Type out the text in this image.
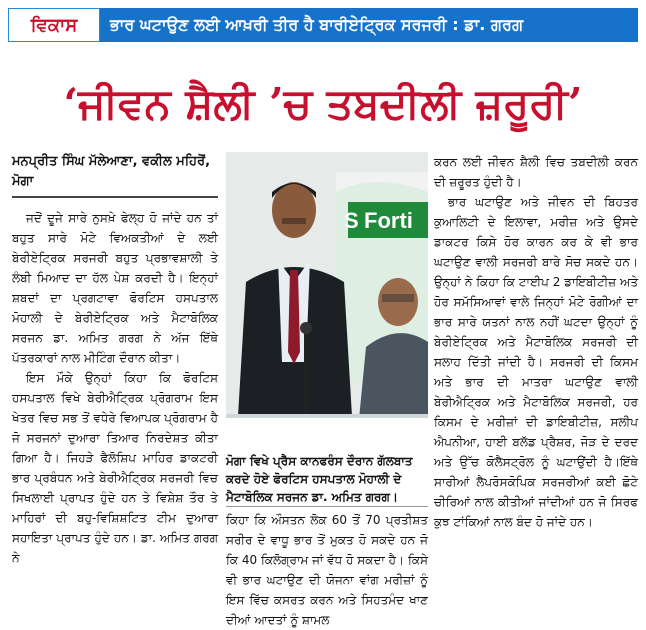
ਵਿਕਾਸ	ਭਾਰ ਘਟਾਉਣ ਲਈ ਆਖ਼ਰੀ ਤੀਰ ਹੈ ਬਾਰੀਏਟ੍ਰਿਕ ਸਰਜਰੀ : ਡਾ. ਗਰਗ
‘ਜੀਵਨ ਸ਼ੈਲੀ ’ਚ ਤਬਦੀਲੀ ਜ਼ਰੂਰੀ’
ਮਨਪ੍ਰੀਤ ਸਿੰਘ ਮੱਲੇਆਣਾ, ਵਕੀਲ ਮਹਿਰੋਂ, ਮੋਗਾ

ਜਦੋਂ ਦੂਜੇ ਸਾਰੇ ਨੁਸਖ਼ੇ ਫੇਲ੍ਹ ਹੋ ਜਾਂਦੇ ਹਨ ਤਾਂ ਬਹੁਤ ਸਾਰੇ ਮੋਟੇ ਵਿਅਕਤੀਆਂ ਦੇ ਲਈ ਬੇਰੀਏਟ੍ਰਿਕ ਸਰਜਰੀ ਬਹੁਤ ਪ੍ਰਭਾਵਸ਼ਾਲੀ ਤੇ ਲੰਬੀ ਮਿਆਦ ਦਾ ਹੱਲ ਪੇਸ਼ ਕਰਦੀ ਹੈ। ਇਨ੍ਹਾਂ ਸ਼ਬਦਾਂ ਦਾ ਪ੍ਰਗਟਾਵਾ ਫੋਰਟਿਸ ਹਸਪਤਾਲ ਮੋਹਾਲੀ ਦੇ ਬੇਰੀਏਟ੍ਰਿਕ ਅਤੇ ਮੈਟਾਬੋਲਿਕ ਸਰਜਨ ਡਾ. ਅਮਿਤ ਗਰਗ ਨੇ ਅੱਜ ਇੱਥੇ ਪੱਤਰਕਾਰਾਂ ਨਾਲ ਮੀਟਿੰਗ ਦੌਰਾਨ ਕੀਤਾ।

ਇਸ ਮੌਕੇ ਉਨ੍ਹਾਂ ਕਿਹਾ ਕਿ ਫੋਰਟਿਸ ਹਸਪਤਾਲ ਵਿਖੇ ਬੇਰੀਐਟ੍ਰਿਕ ਪ੍ਰੋਗਰਾਮ ਇਸ ਖੇਤਰ ਵਿਚ ਸਭ ਤੋਂ ਵਧੇਰੇ ਵਿਆਪਕ ਪ੍ਰੋਗਰਾਮ ਹੈ ਜੋ ਸਰਜਨਾਂ ਦੁਆਰਾ ਤਿਆਰ ਨਿਰਦੇਸ਼ਤ ਕੀਤਾ ਗਿਆ ਹੈ। ਜਿਹੜੇ ਫੈਲੋਸ਼ਿਪ ਮਾਹਿਰ ਡਾਕਟਰੀ ਭਾਰ ਪ੍ਰਬੰਧਨ ਅਤੇ ਬੇਰੀਐਟ੍ਰਿਕ ਸਰਜਰੀ ਵਿਚ ਸਿਖਲਾਈ ਪ੍ਰਾਪਤ ਹੁੰਦੇ ਹਨ ਤੇ ਵਿਸ਼ੇਸ਼ ਤੌਰ ਤੇ ਮਾਹਿਰਾਂ ਦੀ ਬਹੁ-ਵਿਸ਼ਿਸ਼ਟਿਤ ਟੀਮ ਦੁਆਰਾ ਸਹਾਇਤਾ ਪ੍ਰਾਪਤ ਹੁੰਦੇ ਹਨ। ਡਾ. ਅਮਿਤ ਗਰਗ ਨੇ

Forti
S
ਮੋਗਾ ਵਿਖੇ ਪ੍ਰੈਸ ਕਾਨਫਰੰਸ ਦੌਰਾਨ ਗੱਲਬਾਤ ਕਰਦੇ ਹੋਏ ਫੋਰਟਿਸ ਹਸਪਤਾਲ ਮੋਹਾਲੀ ਦੇ ਮੈਟਾਬੋਲਿਕ ਸਰਜਨ ਡਾ. ਅਮਿਤ ਗਰਗ।

ਕਿਹਾ ਕਿ ਔਸਤਨ ਲੋਕ 60 ਤੋਂ 70 ਪ੍ਰਤੀਸ਼ਤ ਸਰੀਰ ਦੇ ਵਾਧੂ ਭਾਰ ਤੋਂ ਮੁਕਤ ਹੋ ਸਕਦੇ ਹਨ ਜੋ ਕਿ 40 ਕਿਲੋਗ੍ਰਾਮ ਜਾਂ ਵੱਧ ਹੋ ਸਕਦਾ ਹੈ। ਕਿਸੇ ਵੀ ਭਾਰ ਘਟਾਉਣ ਦੀ ਯੋਜਨਾ ਵਾਂਗ ਮਰੀਜ਼ਾਂ ਨੂੰ ਇਸ ਵਿੱਚ ਕਸਰਤ ਕਰਨ ਅਤੇ ਸਿਹਤਮੰਦ ਖਾਣ ਦੀਆਂ ਆਦਤਾਂ ਨੂੰ ਸ਼ਾਮਲ

ਕਰਨ ਲਈ ਜੀਵਨ ਸ਼ੈਲੀ ਵਿਚ ਤਬਦੀਲੀ ਕਰਨ ਦੀ ਜ਼ਰੂਰਤ ਹੁੰਦੀ ਹੈ।

ਭਾਰ ਘਟਾਉਣ ਅਤੇ ਜੀਵਨ ਦੀ ਬਿਹਤਰ ਕੁਆਲਿਟੀ ਦੇ ਇਲਾਵਾ, ਮਰੀਜ਼ ਅਤੇ ਉਸਦੇ ਡਾਕਟਰ ਕਿਸੇ ਹੋਰ ਕਾਰਨ ਕਰ ਕੇ ਵੀ ਭਾਰ ਘਟਾਉਣ ਵਾਲੀ ਸਰਜਰੀ ਬਾਰੇ ਸੋਚ ਸਕਦੇ ਹਨ। ਉਨ੍ਹਾਂ ਨੇ ਕਿਹਾ ਕਿ ਟਾਈਪ 2 ਡਾਇਬੀਟੀਜ਼ ਅਤੇ ਹੋਰ ਸਮੱਸਿਆਵਾਂ ਵਾਲੇ ਜਿਨ੍ਹਾਂ ਮੋਟੇ ਰੋਗੀਆਂ ਦਾ ਭਾਰ ਸਾਰੇ ਯਤਨਾਂ ਨਾਲ ਨਹੀਂ ਘਟਦਾ ਉਨ੍ਹਾਂ ਨੂੰ ਬੇਰੀਏਟ੍ਰਿਕ ਅਤੇ ਮੈਟਾਬੋਲਿਕ ਸਰਜਰੀ ਦੀ ਸਲਾਹ ਦਿੱਤੀ ਜਾਂਦੀ ਹੈ। ਸਰਜਰੀ ਦੀ ਕਿਸਮ ਅਤੇ ਭਾਰ ਦੀ ਮਾਤਰਾ ਘਟਾਉਣ ਵਾਲੀ ਬੇਰੀਐਟ੍ਰਿਕ ਅਤੇ ਮੈਟਾਬੋਲਿਕ ਸਰਜਰੀ, ਹਰ ਕਿਸਮ ਦੇ ਮਰੀਜ਼ਾਂ ਦੀ ਡਾਇਬੀਟੀਜ਼, ਸਲੀਪ ਐਪਨੀਆ, ਹਾਈ ਬਲੱਡ ਪ੍ਰੈਸ਼ਰ, ਜੋੜ ਦੇ ਦਰਦ ਅਤੇ ਉੱਚ ਕੋਲੈਸਟ੍ਰੋਲ ਨੂੰ ਘਟਾਉਂਦੀ ਹੈ।ਇੱਥੇ ਸਾਰੀਆਂ ਲੈਪਰੋਸਕੋਪਿਕ ਸਰਜਰੀਆਂ ਕਈ ਛੋਟੇ ਚੀਰਿਆਂ ਨਾਲ ਕੀਤੀਆਂ ਜਾਂਦੀਆਂ ਹਨ ਜੋ ਸਿਰਫ ਕੁਝ ਟਾਂਕਿਆਂ ਨਾਲ ਬੰਦ ਹੋ ਜਾਂਦੇ ਹਨ।
